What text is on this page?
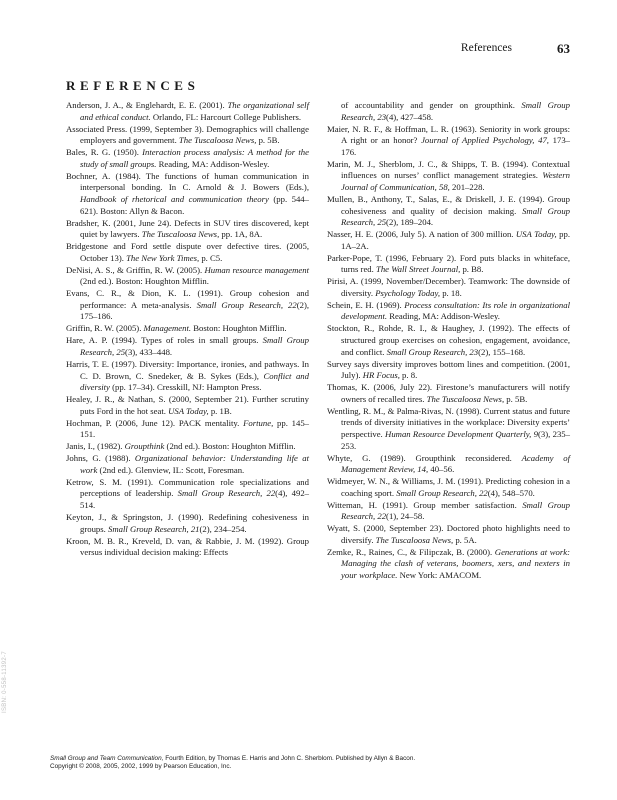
References	63
REFERENCES

Anderson, J. A., & Englehardt, E. E. (2001). The organizational self and ethical conduct. Orlando, FL: Harcourt College Publishers.

Associated Press. (1999, September 3). Demographics will challenge employers and government. The Tuscaloosa News, p. 5B.

Bales, R. G. (1950). Interaction process analysis: A method for the study of small groups. Reading, MA: Addison-Wesley.

Bochner, A. (1984). The functions of human communication in interpersonal bonding. In C. Arnold & J. Bowers (Eds.), Handbook of rhetorical and communication theory (pp. 544–621). Boston: Allyn & Bacon.

Bradsher, K. (2001, June 24). Defects in SUV tires discovered, kept quiet by lawyers. The Tuscaloosa News, pp. 1A, 8A.

Bridgestone and Ford settle dispute over defective tires. (2005, October 13). The New York Times, p. C5.

DeNisi, A. S., & Griffin, R. W. (2005). Human resource management (2nd ed.). Boston: Houghton Mifflin.

Evans, C. R., & Dion, K. L. (1991). Group cohesion and performance: A meta-analysis. Small Group Research, 22(2), 175–186.

Griffin, R. W. (2005). Management. Boston: Houghton Mifflin.

Hare, A. P. (1994). Types of roles in small groups. Small Group Research, 25(3), 433–448.

Harris, T. E. (1997). Diversity: Importance, ironies, and pathways. In C. D. Brown, C. Snedeker, & B. Sykes (Eds.), Conflict and diversity (pp. 17–34). Cresskill, NJ: Hampton Press.

Healey, J. R., & Nathan, S. (2000, September 21). Further scrutiny puts Ford in the hot seat. USA Today, p. 1B.

Hochman, P. (2006, June 12). PACK mentality. Fortune, pp. 145–151.

Janis, I., (1982). Groupthink (2nd ed.). Boston: Houghton Mifflin.

Johns, G. (1988). Organizational behavior: Understanding life at work (2nd ed.). Glenview, IL: Scott, Foresman.

Ketrow, S. M. (1991). Communication role specializations and perceptions of leadership. Small Group Research, 22(4), 492–514.

Keyton, J., & Springston, J. (1990). Redefining cohesiveness in groups. Small Group Research, 21(2), 234–254.

Kroon, M. B. R., Kreveld, D. van, & Rabbie, J. M. (1992). Group versus individual decision making: Effects

of accountability and gender on groupthink. Small Group Research, 23(4), 427–458.

Maier, N. R. F., & Hoffman, L. R. (1963). Seniority in work groups: A right or an honor? Journal of Applied Psychology, 47, 173–176.

Marin, M. J., Sherblom, J. C., & Shipps, T. B. (1994). Contextual influences on nurses’ conflict management strategies. Western Journal of Communication, 58, 201–228.

Mullen, B., Anthony, T., Salas, E., & Driskell, J. E. (1994). Group cohesiveness and quality of decision making. Small Group Research, 25(2), 189–204.

Nasser, H. E. (2006, July 5). A nation of 300 million. USA Today, pp. 1A–2A.

Parker-Pope, T. (1996, February 2). Ford puts blacks in whiteface, turns red. The Wall Street Journal, p. B8.

Pirisi, A. (1999, November/December). Teamwork: The downside of diversity. Psychology Today, p. 18.

Schein, E. H. (1969). Process consultation: Its role in organizational development. Reading, MA: Addison-Wesley.

Stockton, R., Rohde, R. I., & Haughey, J. (1992). The effects of structured group exercises on cohesion, engagement, avoidance, and conflict. Small Group Research, 23(2), 155–168.

Survey says diversity improves bottom lines and competition. (2001, July). HR Focus, p. 8.

Thomas, K. (2006, July 22). Firestone’s manufacturers will notify owners of recalled tires. The Tuscaloosa News, p. 5B.

Wentling, R. M., & Palma-Rivas, N. (1998). Current status and future trends of diversity initiatives in the workplace: Diversity experts’ perspective. Human Resource Development Quarterly, 9(3), 235–253.

Whyte, G. (1989). Groupthink reconsidered. Academy of Management Review, 14, 40–56.

Widmeyer, W. N., & Williams, J. M. (1991). Predicting cohesion in a coaching sport. Small Group Research, 22(4), 548–570.

Witteman, H. (1991). Group member satisfaction. Small Group Research, 22(1), 24–58.

Wyatt, S. (2000, September 23). Doctored photo highlights need to diversify. The Tuscaloosa News, p. 5A.

Zemke, R., Raines, C., & Filipczak, B. (2000). Generations at work: Managing the clash of veterans, boomers, xers, and nexters in your workplace. New York: AMACOM.

ISBN: 0-558-11392-7
Small Group and Team Communication, Fourth Edition, by Thomas E. Harris and John C. Sherblom. Published by Allyn & Bacon.
Copyright © 2008, 2005, 2002, 1999 by Pearson Education, Inc.
